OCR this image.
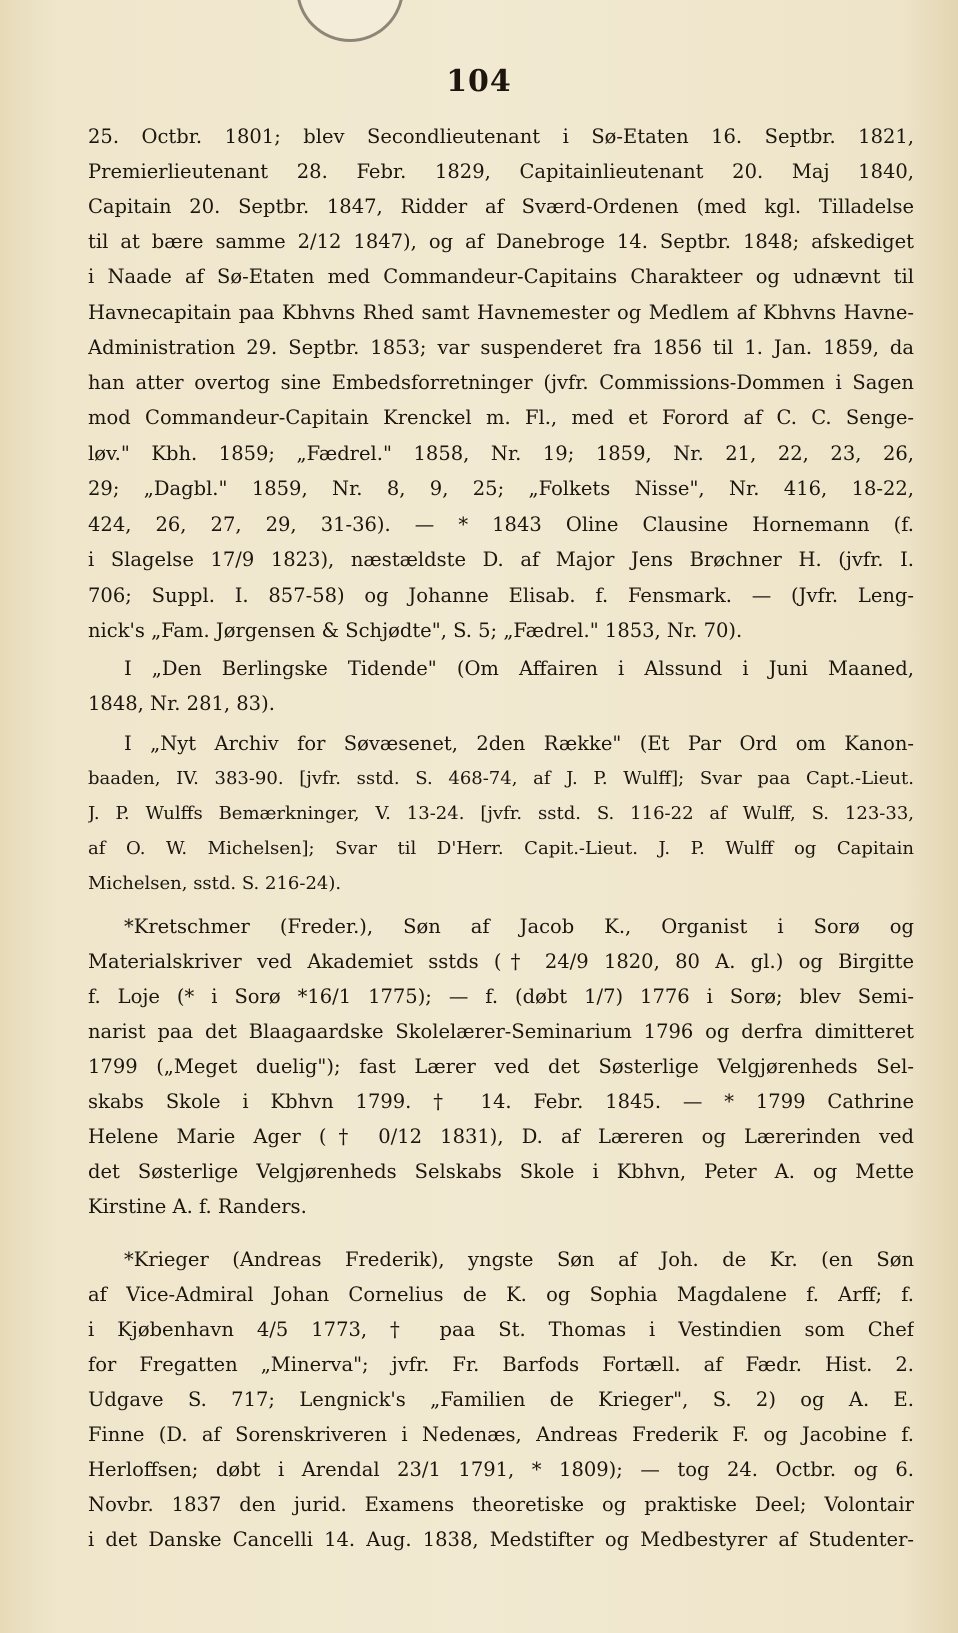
104
25. Octbr. 1801; blev Secondlieutenant i Sø-Etaten 16. Septbr. 1821,
Premierlieutenant 28. Febr. 1829, Capitainlieutenant 20. Maj 1840,
Capitain 20. Septbr. 1847, Ridder af Sværd-Ordenen (med kgl. Tilladelse
til at bære samme 2/12 1847), og af Danebroge 14. Septbr. 1848; afskediget
i Naade af Sø-Etaten med Commandeur-Capitains Charakteer og udnævnt til
Havnecapitain paa Kbhvns Rhed samt Havnemester og Medlem af Kbhvns Havne-
Administration 29. Septbr. 1853; var suspenderet fra 1856 til 1. Jan. 1859, da
han atter overtog sine Embedsforretninger (jvfr. Commissions-Dommen i Sagen
mod Commandeur-Capitain Krenckel m. Fl., med et Forord af C. C. Senge-
løv." Kbh. 1859; „Fædrel." 1858, Nr. 19; 1859, Nr. 21, 22, 23, 26,
29; „Dagbl." 1859, Nr. 8, 9, 25; „Folkets Nisse", Nr. 416, 18-22,
424, 26, 27, 29, 31-36). — * 1843 Oline Clausine Hornemann (f.
i Slagelse 17/9 1823), næstældste D. af Major Jens Brøchner H. (jvfr. I.
706; Suppl. I. 857-58) og Johanne Elisab. f. Fensmark. — (Jvfr. Leng-
nick's „Fam. Jørgensen & Schjødte", S. 5; „Fædrel." 1853, Nr. 70).
I „Den Berlingske Tidende" (Om Affairen i Alssund i Juni Maaned,
1848, Nr. 281, 83).
I „Nyt Archiv for Søvæsenet, 2den Række" (Et Par Ord om Kanon-
baaden, IV. 383-90. [jvfr. sstd. S. 468-74, af J. P. Wulff]; Svar paa Capt.-Lieut.
J. P. Wulffs Bemærkninger, V. 13-24. [jvfr. sstd. S. 116-22 af Wulff, S. 123-33,
af O. W. Michelsen]; Svar til D'Herr. Capit.-Lieut. J. P. Wulff og Capitain
Michelsen, sstd. S. 216-24).
*Kretschmer (Freder.), Søn af Jacob K., Organist i Sorø og
Materialskriver ved Akademiet sstds († 24/9 1820, 80 A. gl.) og Birgitte
f. Loje (* i Sorø *16/1 1775); — f. (døbt 1/7) 1776 i Sorø; blev Semi-
narist paa det Blaagaardske Skolelærer-Seminarium 1796 og derfra dimitteret
1799 („Meget duelig"); fast Lærer ved det Søsterlige Velgjørenheds Sel-
skabs Skole i Kbhvn 1799. † 14. Febr. 1845. — * 1799 Cathrine
Helene Marie Ager († 0/12 1831), D. af Læreren og Lærerinden ved
det Søsterlige Velgjørenheds Selskabs Skole i Kbhvn, Peter A. og Mette
Kirstine A. f. Randers.
*Krieger (Andreas Frederik), yngste Søn af Joh. de Kr. (en Søn
af Vice-Admiral Johan Cornelius de K. og Sophia Magdalene f. Arff; f.
i Kjøbenhavn 4/5 1773, † paa St. Thomas i Vestindien som Chef
for Fregatten „Minerva"; jvfr. Fr. Barfods Fortæll. af Fædr. Hist. 2.
Udgave S. 717; Lengnick's „Familien de Krieger", S. 2) og A. E.
Finne (D. af Sorenskriveren i Nedenæs, Andreas Frederik F. og Jacobine f.
Herloffsen; døbt i Arendal 23/1 1791, * 1809); — tog 24. Octbr. og 6.
Novbr. 1837 den jurid. Examens theoretiske og praktiske Deel; Volontair
i det Danske Cancelli 14. Aug. 1838, Medstifter og Medbestyrer af Studenter-
